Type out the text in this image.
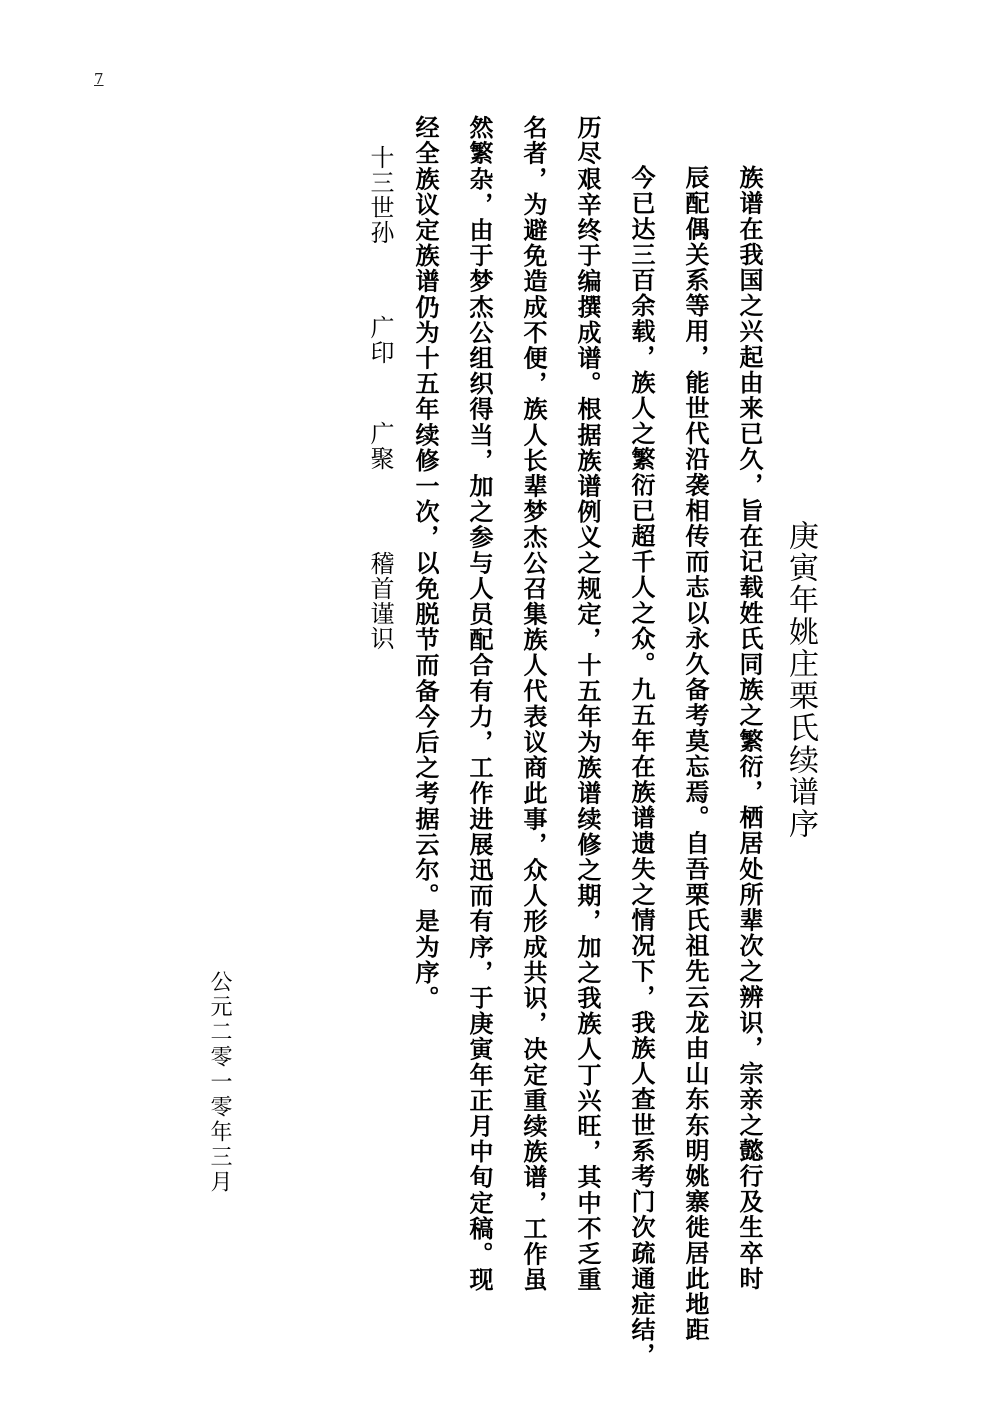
7
庚寅年姚庄栗氏续谱序
族谱在我国之兴起由来已久，旨在记载姓氏同族之繁衍，栖居处所辈次之辨识，宗亲之懿行及生卒时
辰配偶关系等用，能世代沿袭相传而志以永久备考莫忘焉。自吾栗氏祖先云龙由山东东明姚寨徙居此地距
今已达三百余载，族人之繁衍已超千人之众。九五年在族谱遗失之情况下，我族人查世系考门次疏通症结，
历尽艰辛终于编撰成谱。根据族谱例义之规定，十五年为族谱续修之期，加之我族人丁兴旺，其中不乏重
名者，为避免造成不便，族人长辈梦杰公召集族人代表议商此事，众人形成共识，决定重续族谱，工作虽
然繁杂，由于梦杰公组织得当，加之参与人员配合有力，工作进展迅而有序，于庚寅年正月中旬定稿。现
经全族议定族谱仍为十五年续修一次，以免脱节而备今后之考据云尔。是为序。
十三世孙广印广聚稽首谨识
公元二零一零年三月
